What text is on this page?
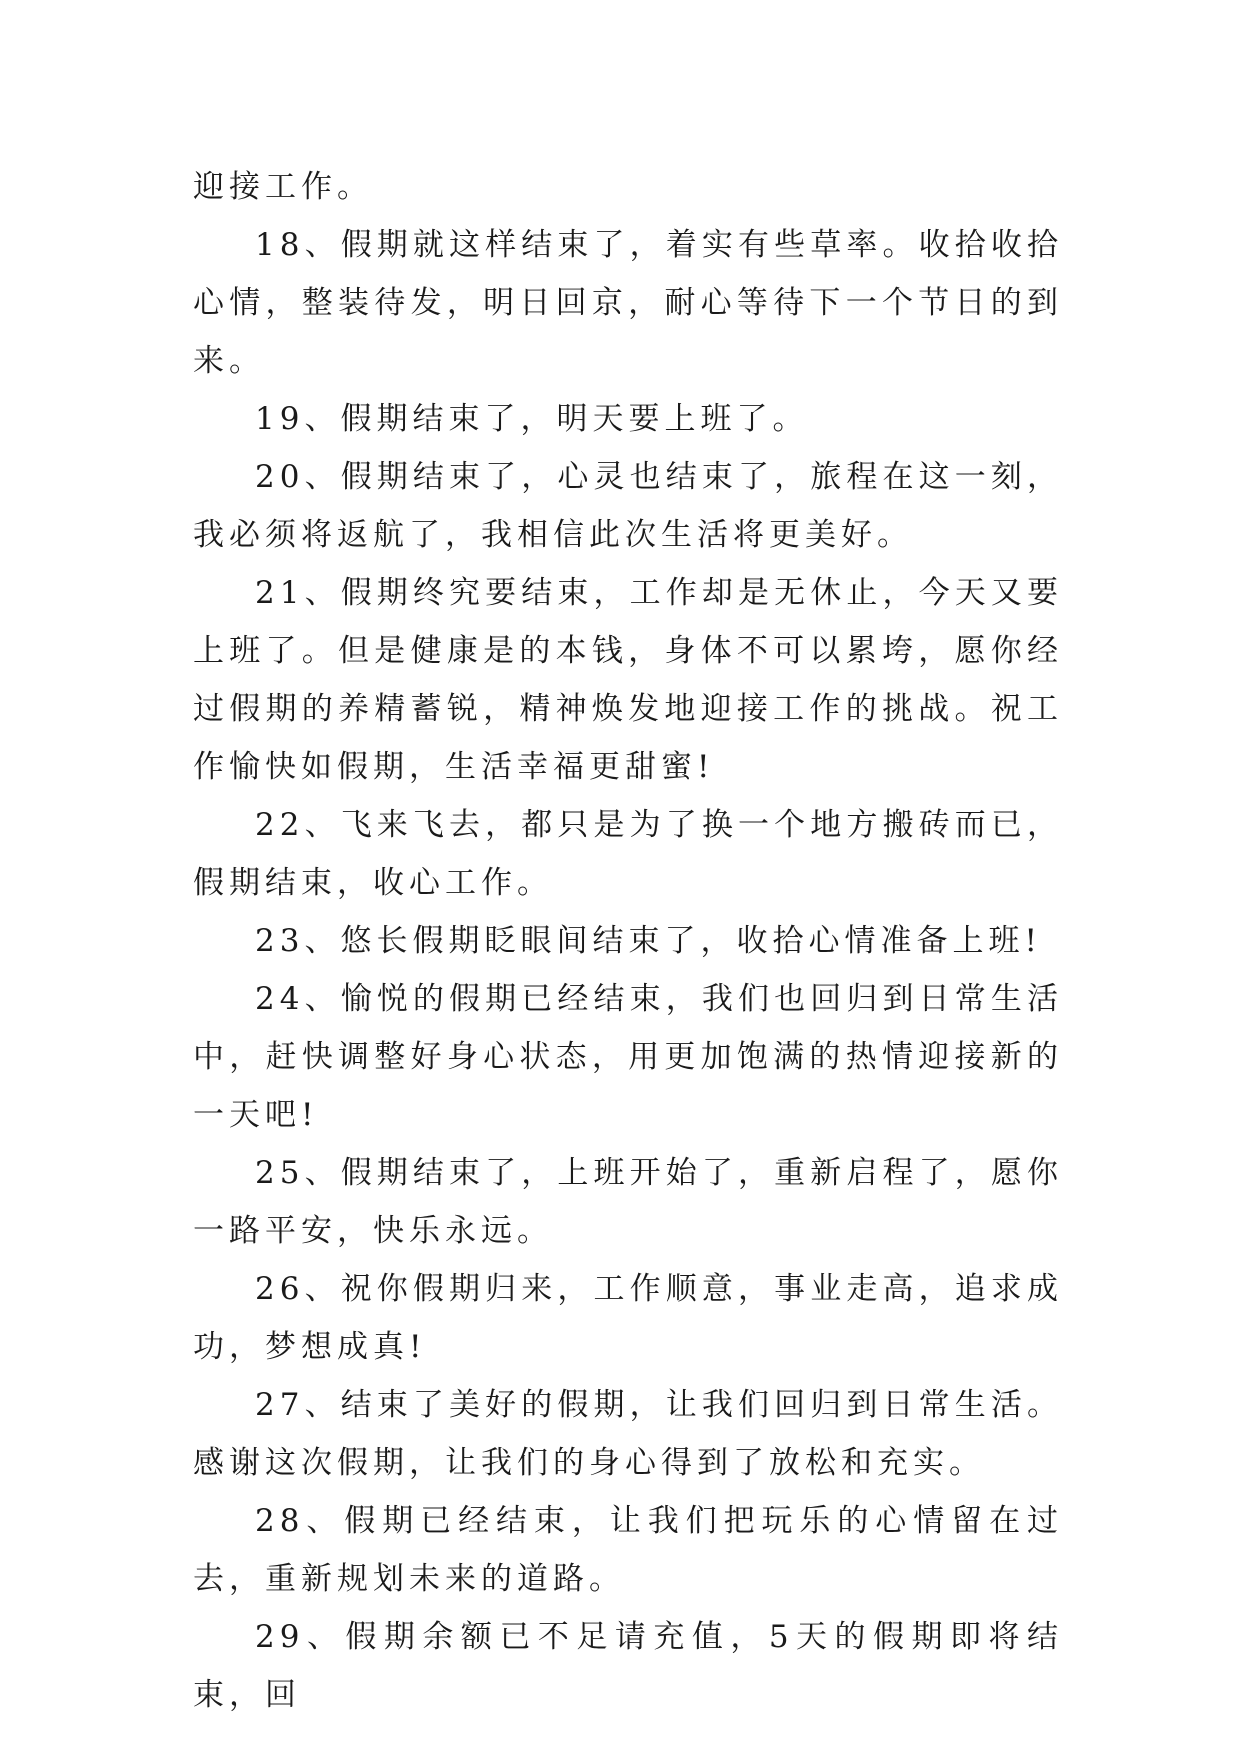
迎接工作。

18、假期就这样结束了，着实有些草率。收拾收拾心情，整装待发，明日回京，耐心等待下一个节日的到来。

19、假期结束了，明天要上班了。

20、假期结束了，心灵也结束了，旅程在这一刻，我必须将返航了，我相信此次生活将更美好。

21、假期终究要结束，工作却是无休止，今天又要上班了。但是健康是的本钱，身体不可以累垮，愿你经过假期的养精蓄锐，精神焕发地迎接工作的挑战。祝工作愉快如假期，生活幸福更甜蜜!

22、飞来飞去，都只是为了换一个地方搬砖而已，假期结束，收心工作。

23、悠长假期眨眼间结束了，收拾心情准备上班!

24、愉悦的假期已经结束，我们也回归到日常生活中，赶快调整好身心状态，用更加饱满的热情迎接新的一天吧!

25、假期结束了，上班开始了，重新启程了，愿你一路平安，快乐永远。

26、祝你假期归来，工作顺意，事业走高，追求成功，梦想成真!

27、结束了美好的假期，让我们回归到日常生活。感谢这次假期，让我们的身心得到了放松和充实。

28、假期已经结束，让我们把玩乐的心情留在过去，重新规划未来的道路。

29、假期余额已不足请充值，5天的假期即将结束，回
